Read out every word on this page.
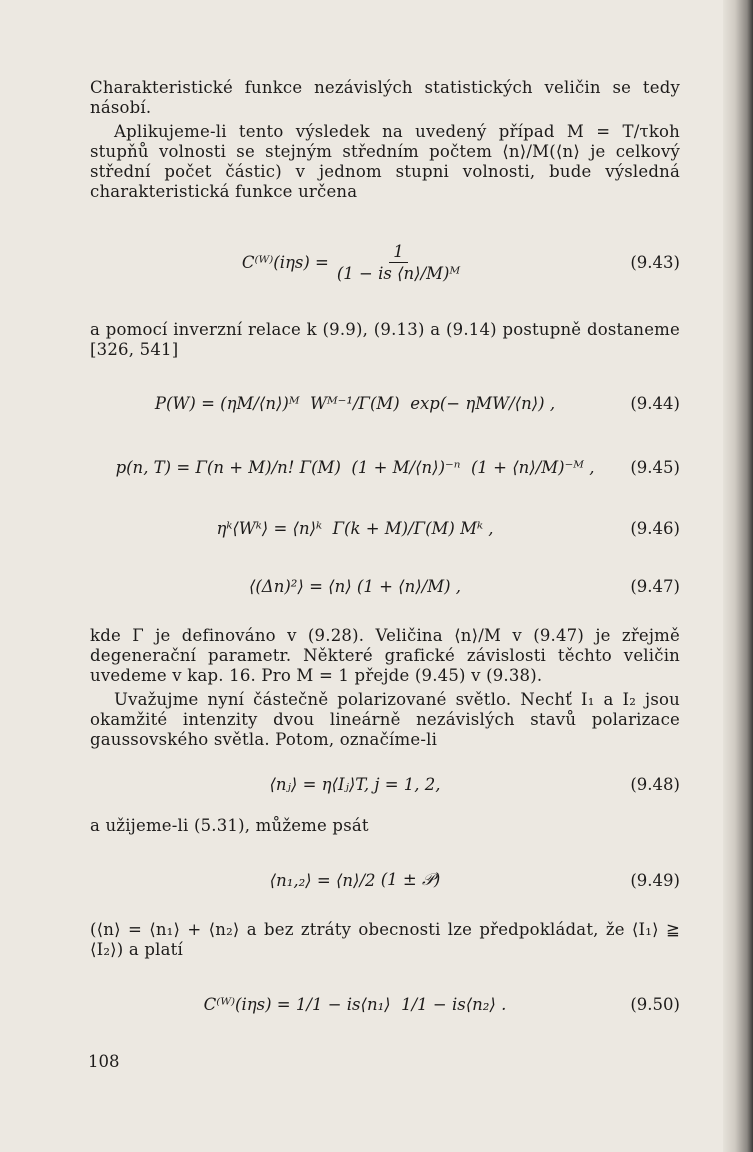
Charakteristické funkce nezávislých statistických veličin se tedy násobí.

Aplikujeme-li tento výsledek na uvedený případ M = T/τkoh stupňů volnosti se stejným středním počtem ⟨n⟩/M(⟨n⟩ je celkový střední počet částic) v jednom stupni volnosti, bude výsledná charakteristická funkce určena

C⁽ᵂ⁾(iηs) = $\frac{1}{\text{(1 − is ⟨n⟩/M)ᴹ}}$	(9.43)

a pomocí inverzní relace k (9.9), (9.13) a (9.14) postupně dostaneme [326, 541]

P(W) =
(ηM/⟨n⟩)ᴹ
Wᴹ⁻¹/Γ(M)
exp(− ηMW/⟨n⟩) ,	(9.44)
p(n, T) =
Γ(n + M)/n! Γ(M)
(1 + M/⟨n⟩)⁻ⁿ
(1 + ⟨n⟩/M)⁻ᴹ , (9.45)
ηᵏ⟨Wᵏ⟩ = ⟨n⟩ᵏ
Γ(k + M)/Γ(M) Mᵏ ,	(9.46)
⟨(Δn)²⟩ = ⟨n⟩
(1 + ⟨n⟩/M) ,	(9.47)

kde Γ je definováno v (9.28). Veličina ⟨n⟩/M v (9.47) je zřejmě degenerační parametr. Některé grafické závislosti těchto veličin uvedeme v kap. 16. Pro M = 1 přejde (9.45) v (9.38).

Uvažujme nyní částečně polarizované světlo. Nechť I₁ a I₂ jsou okamžité intenzity dvou lineárně nezávislých stavů polarizace gaussovského světla. Potom, označíme-li

⟨nⱼ⟩ = η⟨Iⱼ⟩T, j = 1, 2,	(9.48)

a užijeme-li (5.31), můžeme psát

⟨n₁,₂⟩ =
⟨n⟩/2
(1 ± 𝒫)	(9.49)

(⟨n⟩ = ⟨n₁⟩ + ⟨n₂⟩ a bez ztráty obecnosti lze předpokládat, že ⟨I₁⟩ ≧ ⟨I₂⟩) a platí

C⁽ᵂ⁾(iηs) =
1/1 − is⟨n₁⟩
1/1 − is⟨n₂⟩ .	(9.50)
108
